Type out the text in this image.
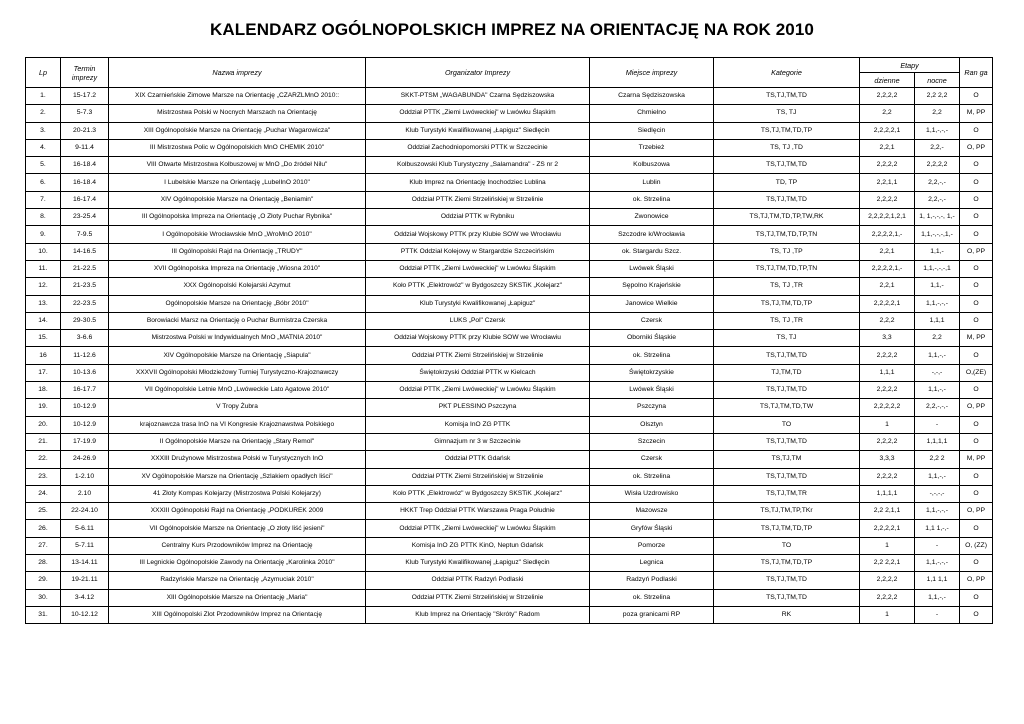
KALENDARZ OGÓLNOPOLSKICH IMPREZ NA ORIENTACJĘ NA ROK 2010
Lp	Termin imprezy	Nazwa imprezy	Organizator Imprezy	Miejsce imprezy	Kategorie	Etapy		Ran ga
						dzienne	nocne	
1.	15-17.2	XIX Czarnieńskie Zimowe Marsze na Orientację „CZARZLMnO 2010::	SKKT-PTSM „WAGABUNDA" Czarna Sędziszowska	Czarna Sędziszowska	TS,TJ,TM,TD	2,2,2,2	2,2 2,2	O
2.	5-7.3	Mistrzostwa Polski w Nocnych Marszach na Orientację	Oddział PTTK „Ziemi Lwóweckiej" w Lwówku Śląskim	Chmielno	TS, TJ	2,2	2,2	M, PP
3.	20-21.3	XIII Ogólnopolskie Marsze na Orientację „Puchar Wagarowicza"	Klub Turystyki Kwalifikowanej „Łapiguz" Siedlęcin	Siedlęcin	TS,TJ,TM,TD,TP	2,2,2,2,1	1,1,-,-,-	O
4.	9-11.4	III Mistrzostwa Polic w Ogólnopolskich MnO CHEMIK 2010"	Oddział Zachodniopomorski PTTK w Szczecinie	Trzebież	TS, TJ ,TD	2,2,1	2,2,-	O, PP
5.	16-18.4	VIII Otwarte Mistrzostwa Kolbuszowej w MnO „Do źródeł Nilu"	Kolbuszowski Klub Turystyczny „Salamandra" - ZS nr 2	Kolbuszowa	TS,TJ,TM,TD	2,2,2,2	2,2,2,2	O
6.	16-18.4	I Lubelskie Marsze na Orientację „LubelInO 2010"	Klub Imprez na Orientację Inochodziec Lublina	Lublin	TD, TP	2,2,1,1	2,2,-,-	O
7.	16-17.4	XIV Ogólnopolskie Marsze na Orientację „Beniamin"	Oddział PTTK Ziemi Strzelińskiej w Strzelinie	ok. Strzelina	TS,TJ,TM,TD	2,2,2,2	2,2,-,-	O
8.	23-25.4	III Ogólnopolska Impreza na Orientację „O Złoty Puchar Rybnika"	Oddział PTTK w Rybniku	Zwonowice	TS,TJ,TM,TD,TP,TW,RK	2,2,2,2,1,2,1	1, 1,-,-,-, 1,-	O
9.	7-9.5	I Ogólnopolskie Wrocławskie MnO „WroMnO 2010"	Oddział Wojskowy PTTK przy Klubie SOW we Wrocławiu	Szczodre k/Wrocławia	TS,TJ,TM,TD,TP,TN	2,2,2,2,1,-	1,1,-,-,-,1,-	O
10.	14-16.5	III Ogólnopolski Rajd na Orientację „TRUDY"	PTTK Oddział Kolejowy w Stargardzie Szczecińskim	ok. Stargardu Szcz.	TS, TJ ,TP	2,2,1	1,1,-	O, PP
11.	21-22.5	XVII Ogólnopolska Impreza na Orientację „Wiosna 2010"	Oddział PTTK „Ziemi Lwóweckiej" w Lwówku Śląskim	Lwówek Śląski	TS,TJ,TM,TD,TP,TN	2,2,2,2,1,-	1,1,-,-,-,1	O
12.	21-23.5	XXX Ogólnopolski Kolejarski Azymut	Koło PTTK „Elektrowóz" w Bydgoszczy SKSTiK „Kolejarz"	Sępolno Krajeńskie	TS, TJ ,TR	2,2,1	1,1,-	O
13.	22-23.5	Ogólnopolskie Marsze na Orientację „Bóbr 2010"	Klub Turystyki Kwalifikowanej „Łapiguz"	Janowice Wielkie	TS,TJ,TM,TD,TP	2,2,2,2,1	1,1,-,-,-	O
14.	29-30.5	Borowiacki Marsz na Orientację o Puchar Burmistrza Czerska	LUKS „Pol" Czersk	Czersk	TS, TJ ,TR	2,2,2	1,1,1	O
15.	3-6.6	Mistrzostwa Polski w Indywidualnych MnO „MATNIA 2010"	Oddział Wojskowy PTTK przy Klubie SOW we Wrocławiu	Oborniki Śląskie	TS, TJ	3,3	2,2	M, PP
16	11-12.6	XIV Ogólnopolskie Marsze na Orientację „Siapula"	Oddział PTTK Ziemi Strzelińskiej w Strzelinie	ok. Strzelina	TS,TJ,TM,TD	2,2,2,2	1,1,-,-	O
17.	10-13.6	XXXVII Ogólnopolski Młodzieżowy Turniej Turystyczno-Krajoznawczy	Świętokrzyski Oddział PTTK w Kielcach	Świętokrzyskie	TJ,TM,TD	1,1,1	-,-,-	O,(ZE)
18.	16-17.7	VII Ogólnopolskie Letnie MnO „Lwóweckie Lato Agatowe 2010"	Oddział PTTK „Ziemi Lwóweckiej" w Lwówku Śląskim	Lwówek Śląski	TS,TJ,TM,TD	2,2,2,2	1,1,-,-	O
19.	10-12.9	V Tropy Żubra	PKT PLESSINO Pszczyna	Pszczyna	TS,TJ,TM,TD,TW	2,2,2,2,2	2,2,-,-,-	O, PP
20.	10-12.9	krajoznawcza trasa InO na VI Kongresie Krajoznawstwa Polskiego	Komisja InO ZG PTTK	Olsztyn	TO	1	-	O
21.	17-19.9	II Ogólnopolskie Marsze na Orientację „Stary Remol"	Gimnazjum nr 3 w Szczecinie	Szczecin	TS,TJ,TM,TD	2,2,2,2	1,1,1,1	O
22.	24-26.9	XXXIII Drużynowe Mistrzostwa Polski w Turystycznych InO	Oddział PTTK Gdańsk	Czersk	TS,TJ,TM	3,3,3	2,2 2	M, PP
23.	1-2.10	XV Ogólnopolskie Marsze na Orientację „Szlakiem opadłych liści"	Oddział PTTK Ziemi Strzelińskiej w Strzelinie	ok. Strzelina	TS,TJ,TM,TD	2,2,2,2	1,1,-,-	O
24.	2.10	41 Złoty Kompas Kolejarzy (Mistrzostwa Polski Kolejarzy)	Koło PTTK „Elektrowóz" w Bydgoszczy SKSTiK „Kolejarz"	Wisła Uzdrowisko	TS,TJ,TM,TR	1,1,1,1	-,-,-,-	O
25.	22-24.10	XXXIII Ogólnopolski Rajd na Orientację „PODKUREK 2009	HKKT Trep Oddział PTTK Warszawa Praga Południe	Mazowsze	TS,TJ,TM,TP,TKr	2,2 2,1,1	1,1,-,-,-	O, PP
26.	5-6.11	VII Ogólnopolskie Marsze na Orientację „O złoty liść jesieni"	Oddział PTTK „Ziemi Lwóweckiej" w Lwówku Śląskim	Gryfów Śląski	TS,TJ,TM,TD,TP	2,2,2,2,1	1,1 1,-,-	O
27.	5-7.11	Centralny Kurs Przodowników Imprez na Orientację	Komisja InO ZG PTTK KinO, Neptun Gdańsk	Pomorze	TO	1	-	O, (ZZ)
28.	13-14.11	III Legnickie Ogólnopolskie Zawody na Orientację „Karolinka 2010"	Klub Turystyki Kwalifikowanej „Łapiguz" Siedlęcin	Legnica	TS,TJ,TM,TD,TP	2,2 2,2,1	1,1,-,-,-	O
29.	19-21.11	Radzyńskie Marsze na Orientację „Azymuciak 2010"	Oddział PTTK Radzyń Podlaski	Radzyń Podlaski	TS,TJ,TM,TD	2,2,2,2	1,1 1,1	O, PP
30.	3-4.12	XIII Ogólnopolskie Marsze na Orientację „Maria"	Oddział PTTK Ziemi Strzelińskiej w Strzelinie	ok. Strzelina	TS,TJ,TM,TD	2,2,2,2	1,1,-,-	O
31.	10-12.12	XIII Ogólnopolski Zlot Przodowników Imprez na Orientację	Klub Imprez na Orientację "Skróty" Radom	poza granicami RP	RK	1	-	O
